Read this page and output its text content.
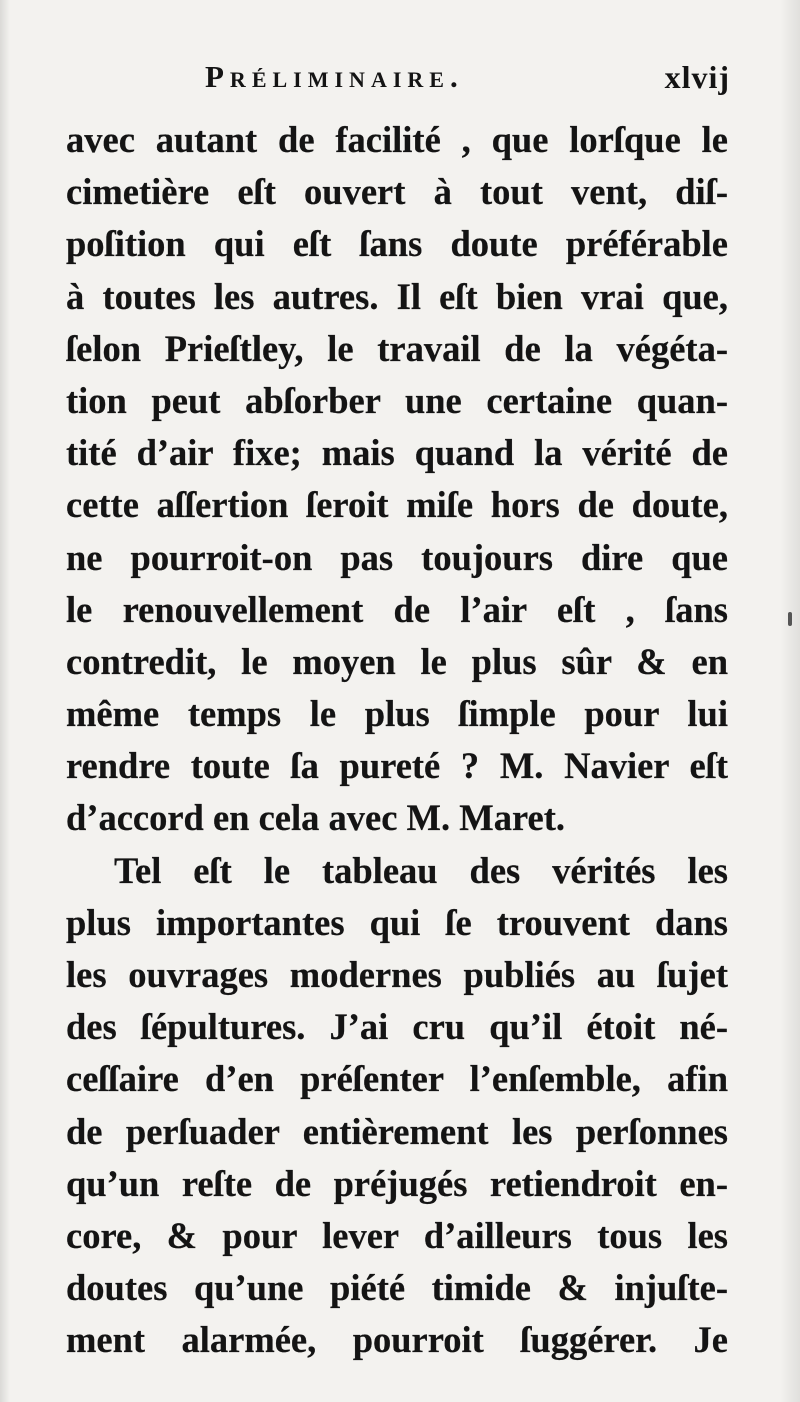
Préliminaire.	xlvij
avec autant de facilité , que lorſque le
cimetière eſt ouvert à tout vent, diſ-
poſition qui eſt ſans doute préférable
à toutes les autres. Il eſt bien vrai que,
ſelon Prieſtley, le travail de la végéta-
tion peut abſorber une certaine quan-
tité d’air fixe; mais quand la vérité de
cette aſſertion ſeroit miſe hors de doute,
ne pourroit-on pas toujours dire que
le renouvellement de l’air eſt , ſans
contredit, le moyen le plus sûr & en
même temps le plus ſimple pour lui
rendre toute ſa pureté ? M. Navier eſt
d’accord en cela avec M. Maret.
Tel eſt le tableau des vérités les
plus importantes qui ſe trouvent dans
les ouvrages modernes publiés au ſujet
des ſépultures. J’ai cru qu’il étoit né-
ceſſaire d’en préſenter l’enſemble, afin
de perſuader entièrement les perſonnes
qu’un reſte de préjugés retiendroit en-
core, & pour lever d’ailleurs tous les
doutes qu’une piété timide & injuſte-
ment alarmée, pourroit ſuggérer. Je
